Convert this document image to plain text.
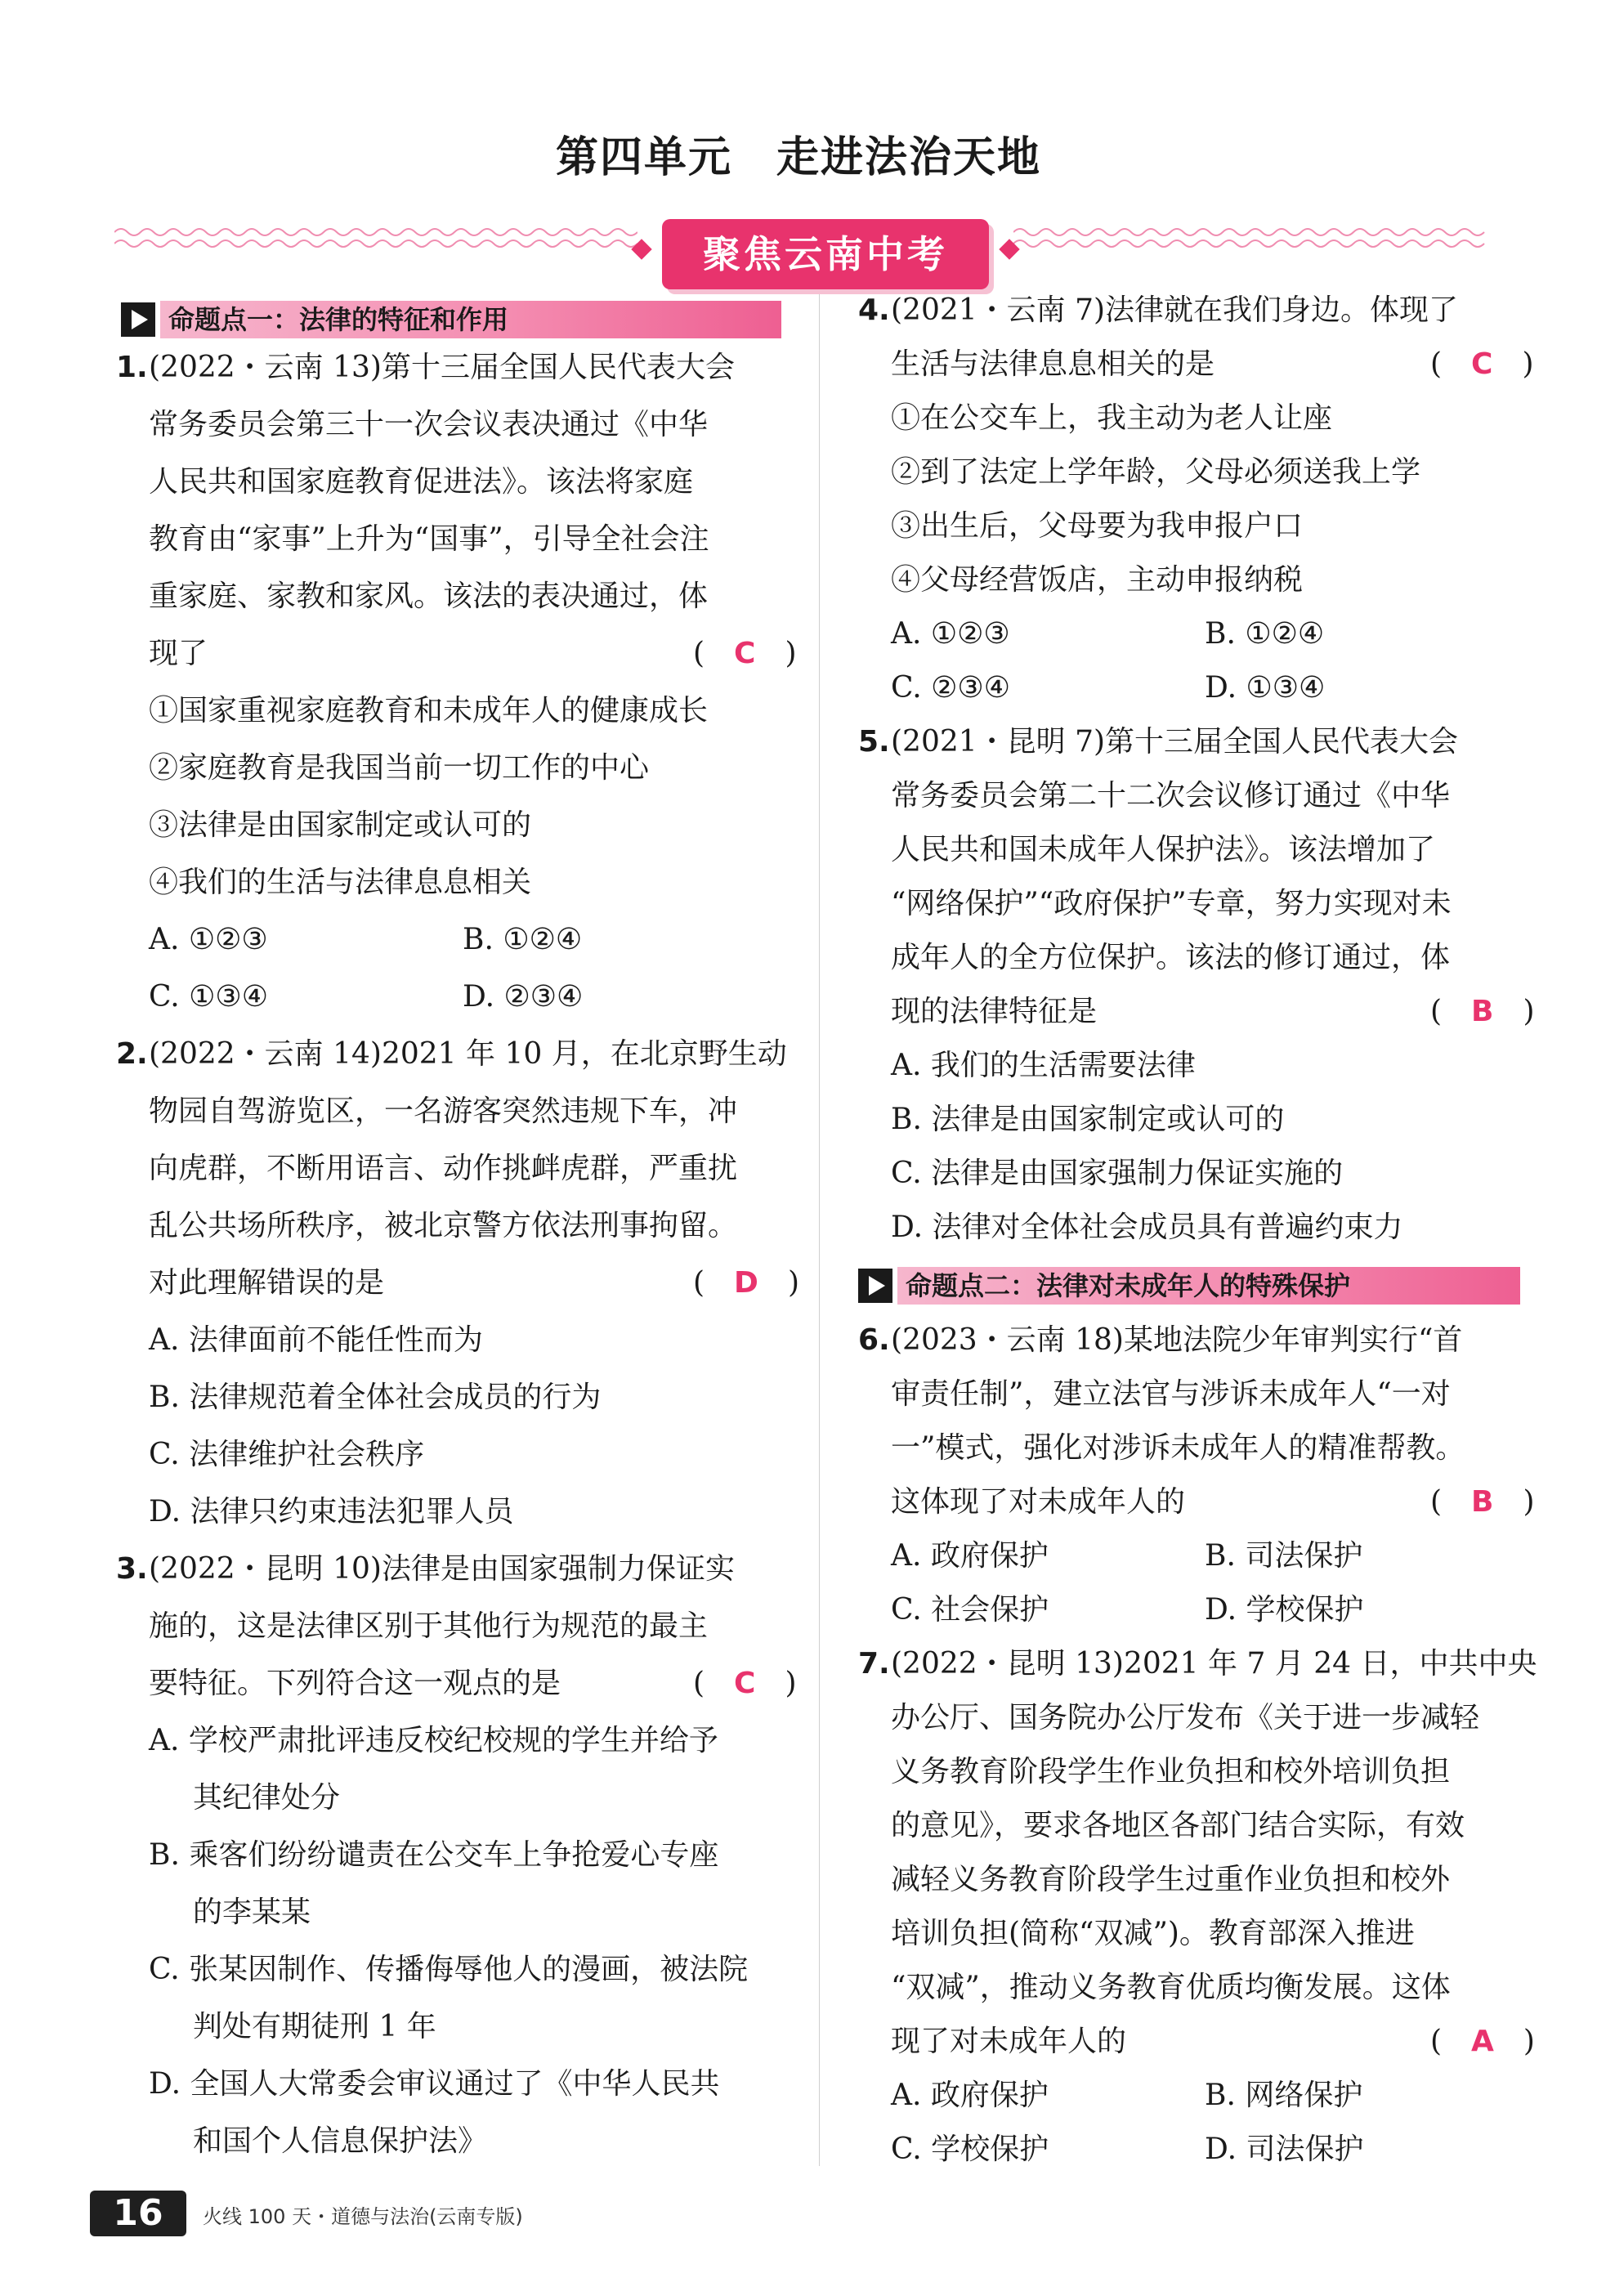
第四单元　走进法治天地
聚焦云南中考
命题点一：法律的特征和作用
1. (2022・云南 13)第十三届全国人民代表大会
常务委员会第三十一次会议表决通过《中华
人民共和国家庭教育促进法》。该法将家庭
教育由“家事”上升为“国事”，引导全社会注
重家庭、家教和家风。该法的表决通过，体
现了	(　C　)
①国家重视家庭教育和未成年人的健康成长
②家庭教育是我国当前一切工作的中心
③法律是由国家制定或认可的
④我们的生活与法律息息相关
A. ①②③	B. ①②④
C. ①③④	D. ②③④
2. (2022・云南 14)2021 年 10 月，在北京野生动
物园自驾游览区，一名游客突然违规下车，冲
向虎群，不断用语言、动作挑衅虎群，严重扰
乱公共场所秩序，被北京警方依法刑事拘留。
对此理解错误的是	(　D　)
A. 法律面前不能任性而为
B. 法律规范着全体社会成员的行为
C. 法律维护社会秩序
D. 法律只约束违法犯罪人员
3. (2022・昆明 10)法律是由国家强制力保证实
施的，这是法律区别于其他行为规范的最主
要特征。下列符合这一观点的是	(　C　)
A. 学校严肃批评违反校纪校规的学生并给予
其纪律处分
B. 乘客们纷纷谴责在公交车上争抢爱心专座
的李某某
C. 张某因制作、传播侮辱他人的漫画，被法院
判处有期徒刑 1 年
D. 全国人大常委会审议通过了《中华人民共
和国个人信息保护法》
4. (2021・云南 7)法律就在我们身边。体现了
生活与法律息息相关的是	(　C　)
①在公交车上，我主动为老人让座
②到了法定上学年龄，父母必须送我上学
③出生后，父母要为我申报户口
④父母经营饭店，主动申报纳税
A. ①②③	B. ①②④
C. ②③④	D. ①③④
5. (2021・昆明 7)第十三届全国人民代表大会
常务委员会第二十二次会议修订通过《中华
人民共和国未成年人保护法》。该法增加了
“网络保护”“政府保护”专章，努力实现对未
成年人的全方位保护。该法的修订通过，体
现的法律特征是	(　B　)
A. 我们的生活需要法律
B. 法律是由国家制定或认可的
C. 法律是由国家强制力保证实施的
D. 法律对全体社会成员具有普遍约束力
命题点二：法律对未成年人的特殊保护
6. (2023・云南 18)某地法院少年审判实行“首
审责任制”，建立法官与涉诉未成年人“一对
一”模式，强化对涉诉未成年人的精准帮教。
这体现了对未成年人的	(　B　)
A. 政府保护	B. 司法保护
C. 社会保护	D. 学校保护
7. (2022・昆明 13)2021 年 7 月 24 日，中共中央
办公厅、国务院办公厅发布《关于进一步减轻
义务教育阶段学生作业负担和校外培训负担
的意见》，要求各地区各部门结合实际，有效
减轻义务教育阶段学生过重作业负担和校外
培训负担(简称“双减”)。教育部深入推进
“双减”，推动义务教育优质均衡发展。这体
现了对未成年人的	(　A　)
A. 政府保护	B. 网络保护
C. 学校保护	D. 司法保护
16	火线 100 天・道德与法治(云南专版)
